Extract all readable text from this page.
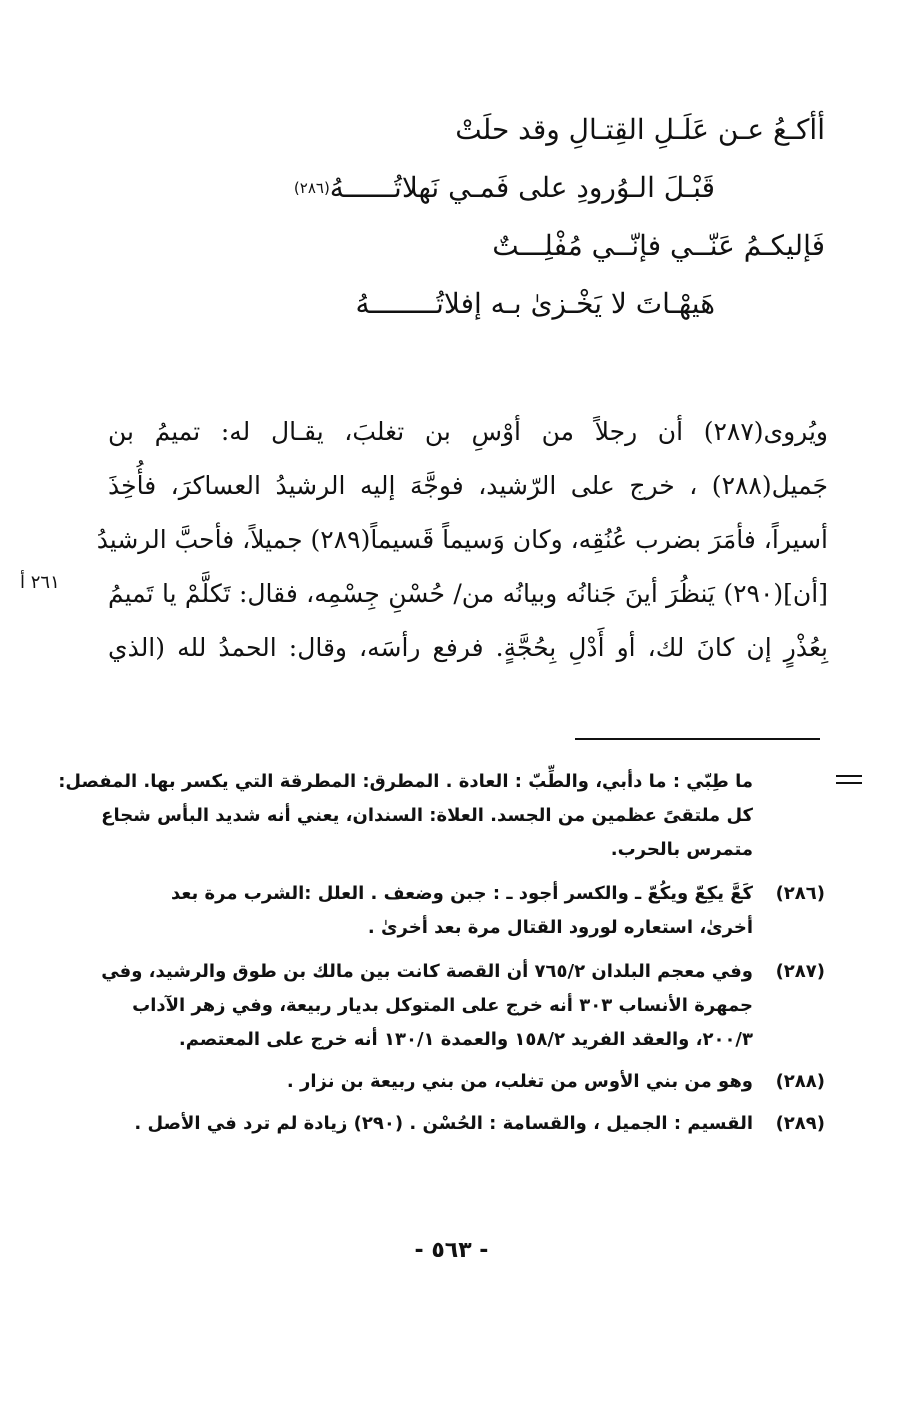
أأكـعُ عـن عَلَـلِ القِتـالِ وقد حلَتْ
قَبْـلَ الـوُرودِ على فَمـي نَهلاتُــــــهُ$^{(٢٨٦)}$
فَإليكـمُ عَنّــي فإنّــي مُفْلِـــتٌ
هَيهْـاتَ لا يَخْـزىٰ بـه إفلاتُــــــــهُ
ويُروى(٢٨٧) أن رجلاً من أوْسِ بن تغلبَ، يقـال له: تميمُ بن
جَميل(٢٨٨) ، خرج على الرّشيد، فوجَّهَ إليه الرشيدُ العساكرَ، فأُخِذَ
أسيراً، فأمَرَ بضرب عُنُقِه، وكان وَسيماً قَسيماً(٢٨٩) جميلاً، فأحبَّ الرشيدُ
[أن](٢٩٠) يَنظُرَ أينَ جَنانُه وبيانُه من/ حُسْنِ جِسْمِه، فقال: تَكلَّمْ يا تَميمُ
بِعُذْرٍ إن كانَ لك، أو أَدْلِ بِحُجَّةٍ. فرفع رأسَه، وقال: الحمدُ لله (الذي
٢٦١ أ
ما طِبّي : ما دأبي، والطِّبّ : العادة . المطرق: المطرقة التي يكسر بها. المفصل:
كل ملتقىً عظمين من الجسد. العلاة: السندان، يعني أنه شديد البأس شجاع
متمرس بالحرب.
(٢٨٦)
كَعَّ يكِعّ ويكُعّ ـ والكسر أجود ـ : جبن وضعف . العلل :الشرب مرة بعد
أخرىٰ، استعاره لورود القتال مرة بعد أخرىٰ .
(٢٨٧)
وفي معجم البلدان ٧٦٥/٢ أن القصة كانت بين مالك بن طوق والرشيد، وفي
جمهرة الأنساب ٣٠٣ أنه خرج على المتوكل بديار ربيعة، وفي زهر الآداب
٢٠٠/٣، والعقد الفريد ١٥٨/٢ والعمدة ١٣٠/١ أنه خرج على المعتصم.
(٢٨٨)
وهو من بني الأوس من تغلب، من بني ربيعة بن نزار .
(٢٨٩)
القسيم : الجميل ، والقسامة : الحُسْن . (٢٩٠) زيادة لم ترد في الأصل .
- ٥٦٣ -
